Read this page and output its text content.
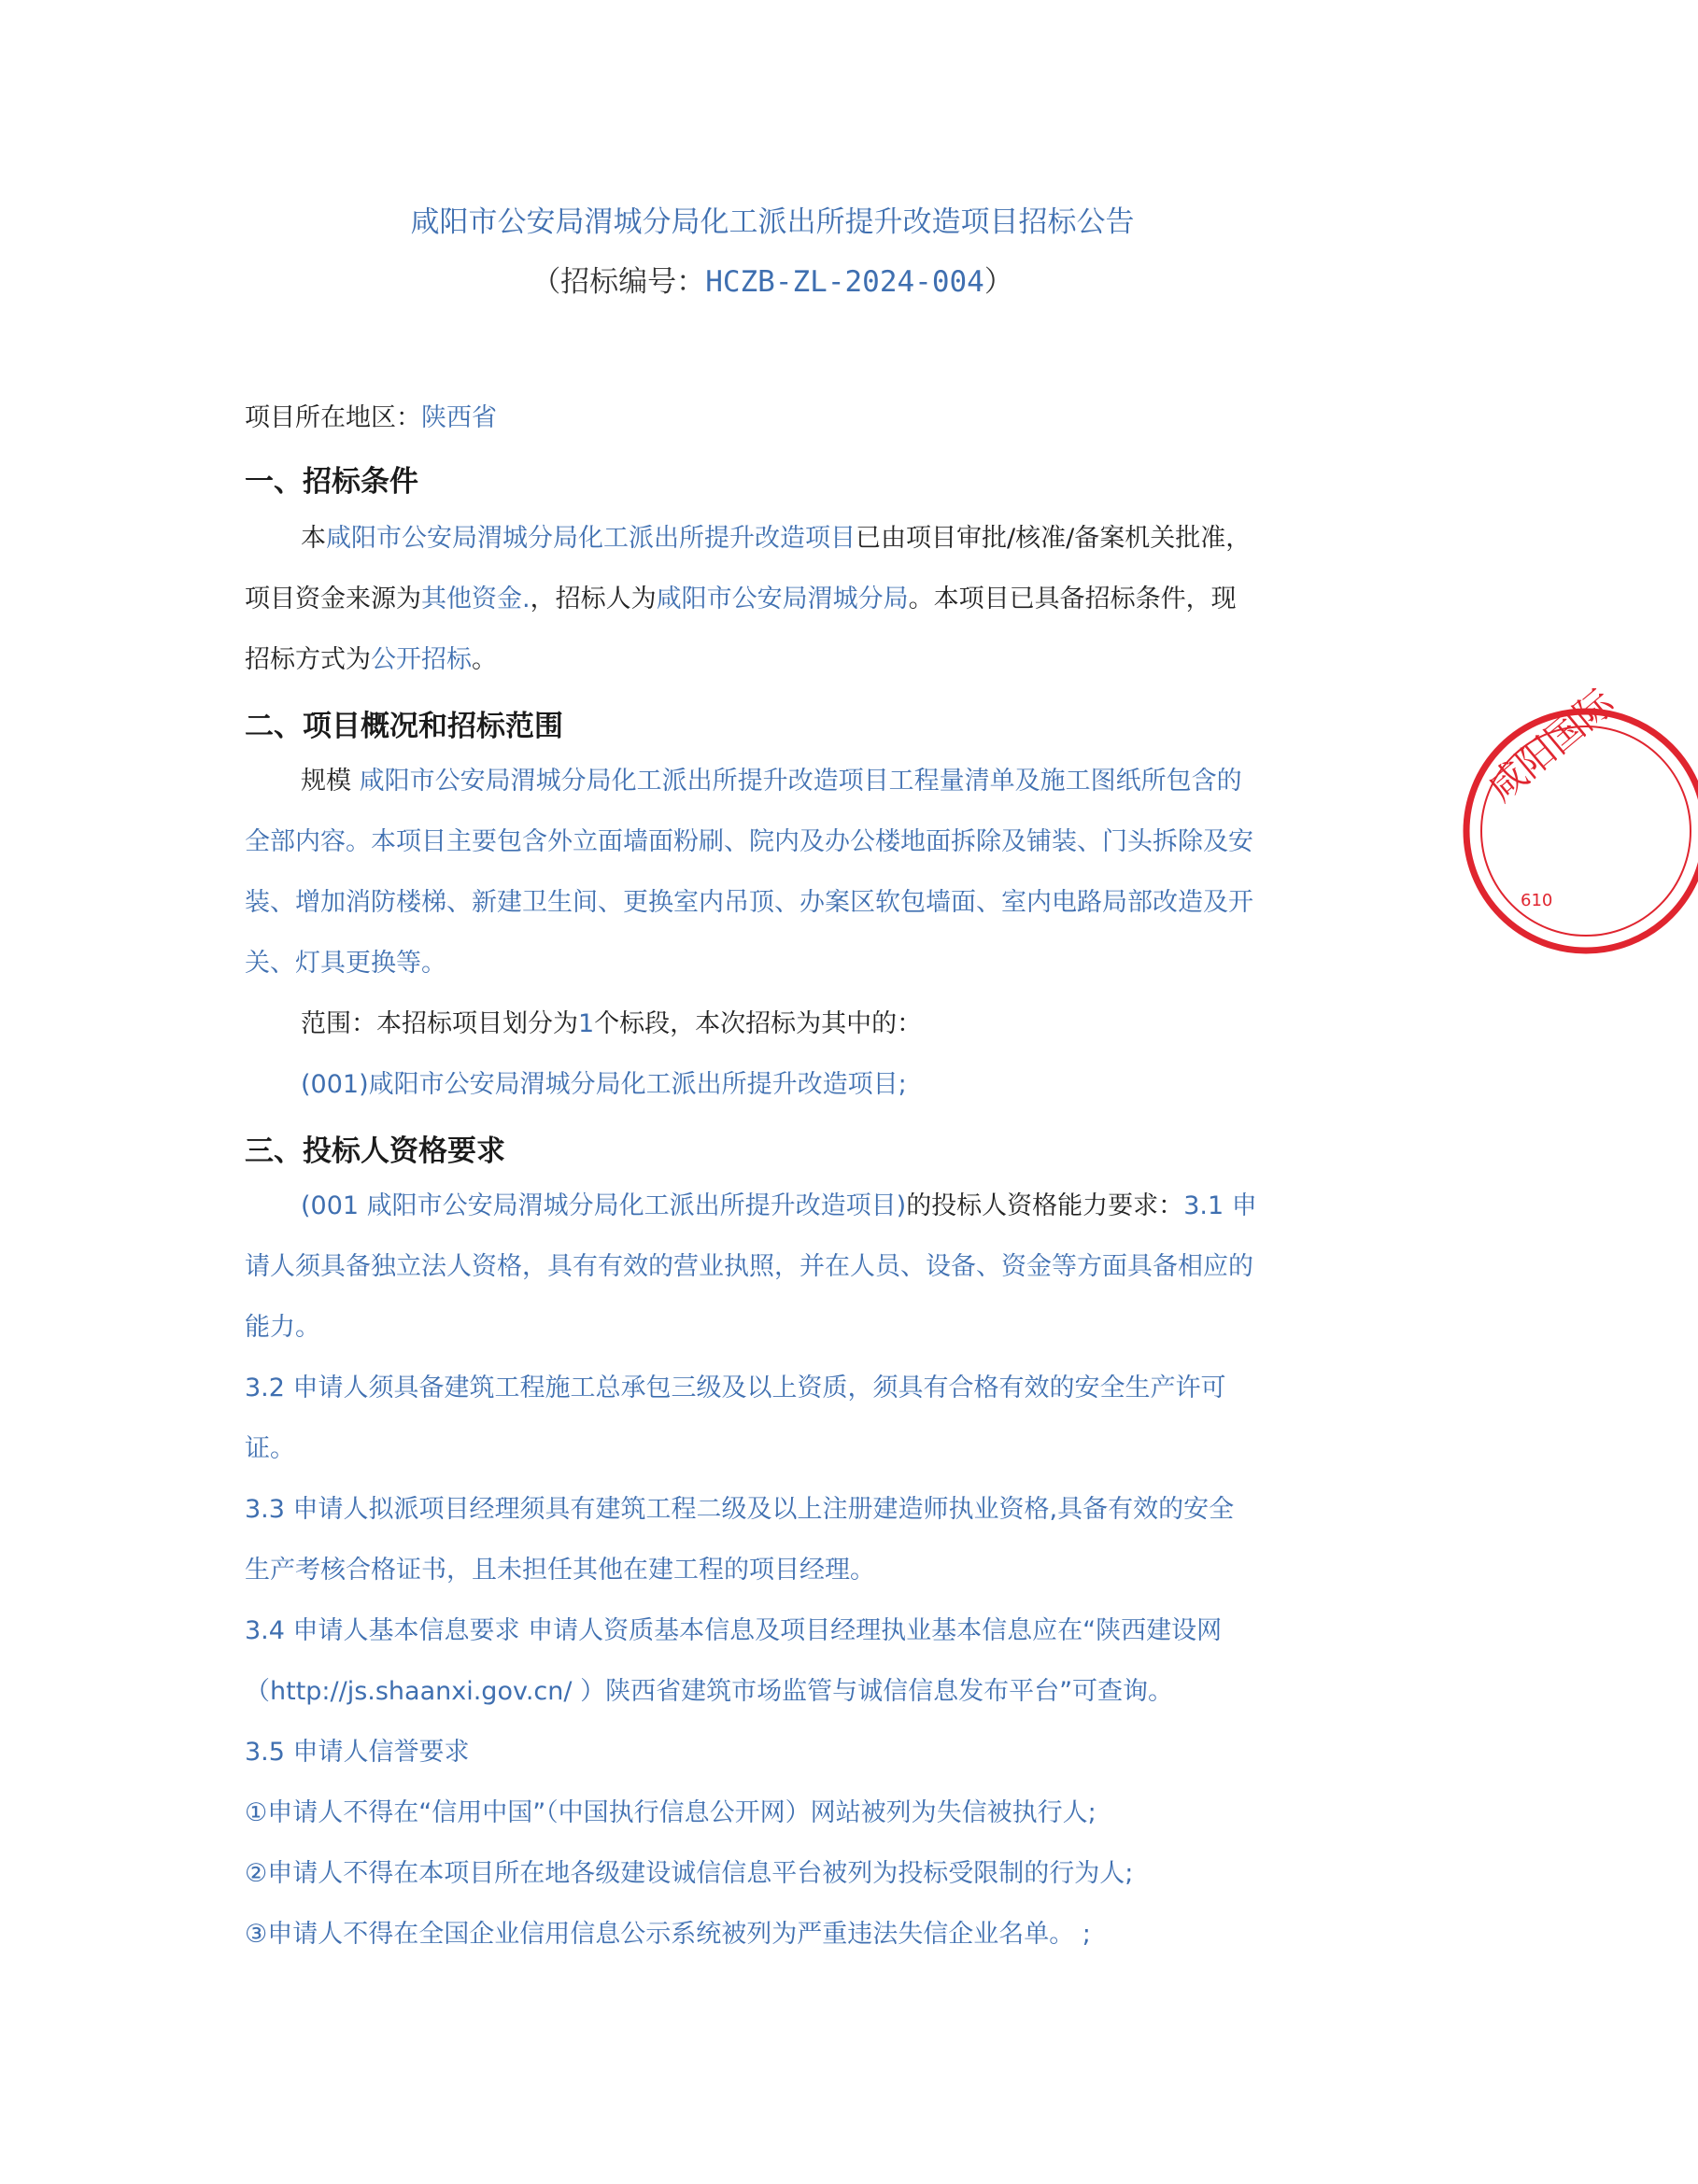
咸阳市公安局渭城分局化工派出所提升改造项目招标公告
（招标编号：HCZB-ZL-2024-004）
项目所在地区：陕西省
一、招标条件
本咸阳市公安局渭城分局化工派出所提升改造项目已由项目审批/核准/备案机关批准，
项目资金来源为其他资金.，招标人为咸阳市公安局渭城分局。本项目已具备招标条件，现
招标方式为公开招标。
二、项目概况和招标范围
规模 咸阳市公安局渭城分局化工派出所提升改造项目工程量清单及施工图纸所包含的
全部内容。本项目主要包含外立面墙面粉刷、院内及办公楼地面拆除及铺装、门头拆除及安
装、增加消防楼梯、新建卫生间、更换室内吊顶、办案区软包墙面、室内电路局部改造及开
关、灯具更换等。
范围：本招标项目划分为1个标段，本次招标为其中的：
(001)咸阳市公安局渭城分局化工派出所提升改造项目;
三、投标人资格要求
(001 咸阳市公安局渭城分局化工派出所提升改造项目)的投标人资格能力要求：3.1 申
请人须具备独立法人资格，具有有效的营业执照，并在人员、设备、资金等方面具备相应的
能力。
3.2 申请人须具备建筑工程施工总承包三级及以上资质，须具有合格有效的安全生产许可
证。
3.3 申请人拟派项目经理须具有建筑工程二级及以上注册建造师执业资格,具备有效的安全
生产考核合格证书，且未担任其他在建工程的项目经理。
3.4 申请人基本信息要求 申请人资质基本信息及项目经理执业基本信息应在“陕西建设网
（http://js.shaanxi.gov.cn/ ）陕西省建筑市场监管与诚信信息发布平台”可查询。
3.5 申请人信誉要求
①申请人不得在“信用中国”（中国执行信息公开网）网站被列为失信被执行人;
②申请人不得在本项目所在地各级建设诚信信息平台被列为投标受限制的行为人;
③申请人不得在全国企业信用信息公示系统被列为严重违法失信企业名单。 ;
咸阳国际
610
